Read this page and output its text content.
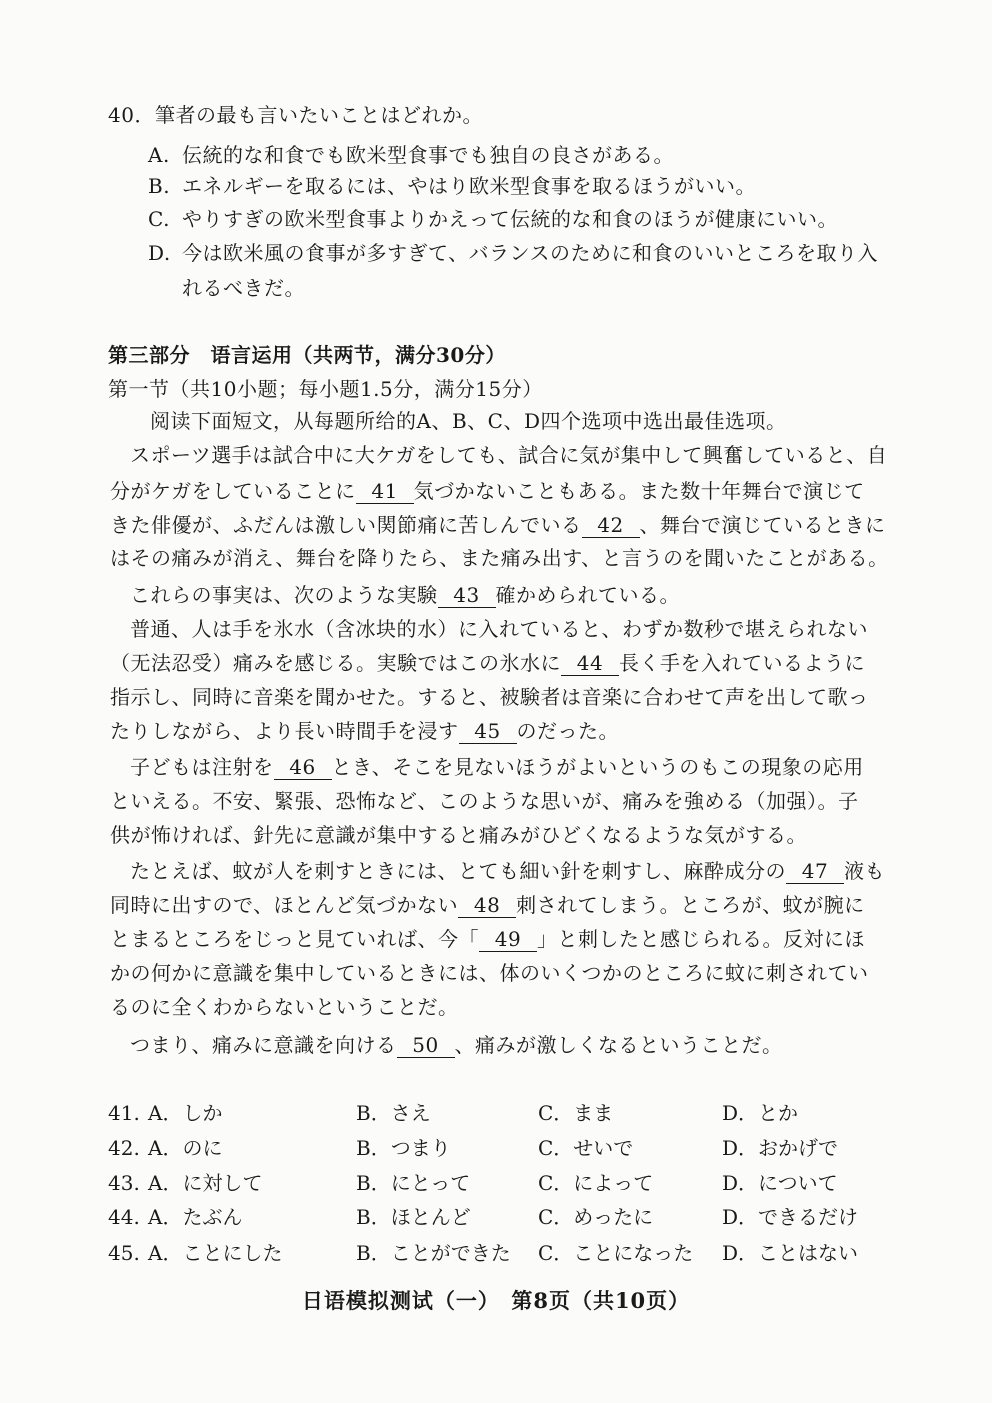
40．筆者の最も言いたいことはどれか。
A. 伝統的な和食でも欧米型食事でも独自の良さがある。
B. エネルギーを取るには、やはり欧米型食事を取るほうがいい。
C. やりすぎの欧米型食事よりかえって伝統的な和食のほうが健康にいい。
D. 今は欧米風の食事が多すぎて、バランスのために和食のいいところを取り入
れるべきだ。
第三部分　语言运用（共两节，满分30分）
第一节（共10小题；每小题1.5分，满分15分）
阅读下面短文，从每题所给的A、B、C、D四个选项中选出最佳选项。
スポーツ選手は試合中に大ケガをしても、試合に気が集中して興奮していると、自
分がケガをしていることに 41 気づかないこともある。また数十年舞台で演じて
きた俳優が、ふだんは激しい関節痛に苦しんでいる 42 、舞台で演じているときに
はその痛みが消え、舞台を降りたら、また痛み出す、と言うのを聞いたことがある。
これらの事実は、次のような実験 43 確かめられている。
普通、人は手を氷水（含冰块的水）に入れていると、わずか数秒で堪えられない
（无法忍受）痛みを感じる。実験ではこの氷水に 44 長く手を入れているように
指示し、同時に音楽を聞かせた。すると、被験者は音楽に合わせて声を出して歌っ
たりしながら、より長い時間手を浸す 45 のだった。
子どもは注射を 46 とき、そこを見ないほうがよいというのもこの現象の応用
といえる。不安、緊張、恐怖など、このような思いが、痛みを強める（加强）。子
供が怖ければ、針先に意識が集中すると痛みがひどくなるような気がする。
たとえば、蚊が人を刺すときには、とても細い針を刺すし、麻酔成分の 47 液も
同時に出すので、ほとんど気づかない 48 刺されてしまう。ところが、蚊が腕に
とまるところをじっと見ていれば、今「 49 」と刺したと感じられる。反対にほ
かの何かに意識を集中しているときには、体のいくつかのところに蚊に刺されてい
るのに全くわからないということだ。
つまり、痛みに意識を向ける 50 、痛みが激しくなるということだ。
41. A．しか	B．さえ	C．まま	D．とか
42. A．のに	B．つまり	C．せいで	D．おかげで
43. A．に対して	B．にとって	C．によって	D．について
44. A．たぶん	B．ほとんど	C．めったに	D．できるだけ
45. A．ことにした	B．ことができた C．ことになった D．ことはない
日语模拟测试（一）　第8页（共10页）
